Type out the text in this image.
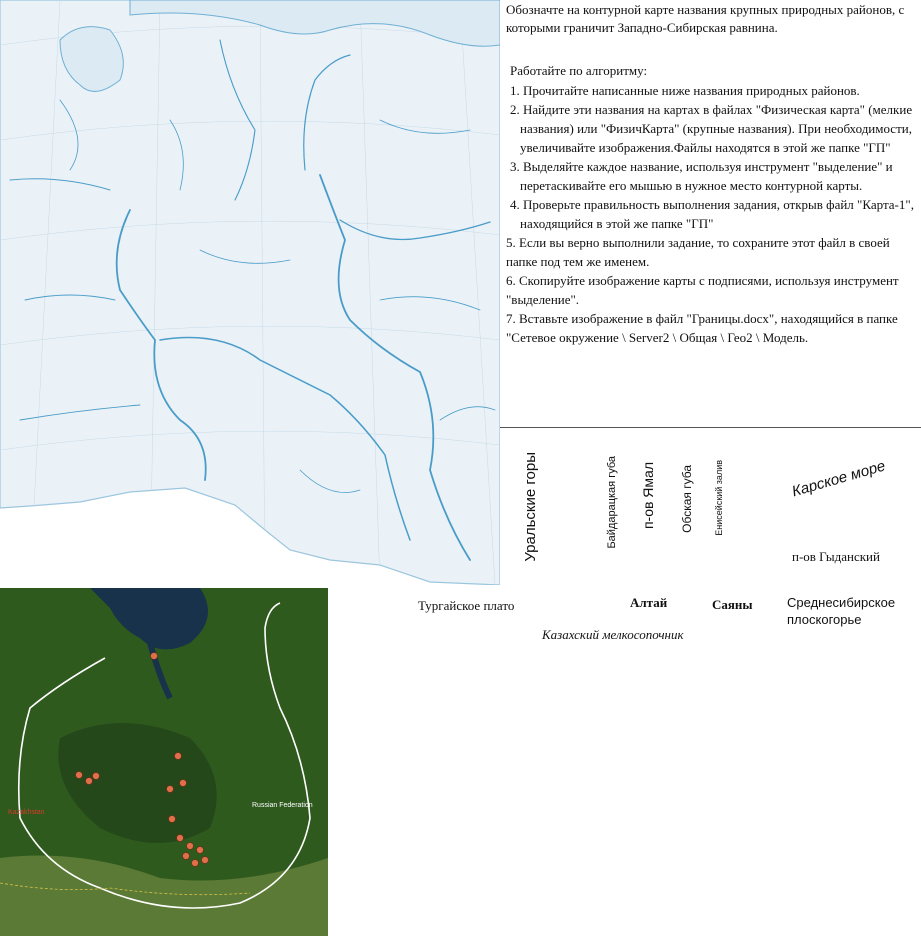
Kazakhstan
Russian Federation

Обозначте на контурной карте названия крупных природных районов, с которыми граничит Западно-Сибирская равнина.

Работайте по алгоритму:

1. Прочитайте написанные ниже названия природных районов.
2. Найдите эти названия на картах в файлах "Физическая карта" (мелкие названия) или "ФизичКарта" (крупные названия). При необходимости, увеличивайте изображения.Файлы находятся в этой же папке "ГП"
3. Выделяйте каждое название, используя инструмент "выделение" и перетаскивайте его мышью в нужное место контурной карты.
4. Проверьте правильность выполнения задания, открыв файл "Карта-1", находящийся в этой же папке "ГП"
5. Если вы верно выполнили задание, то сохраните этот файл в своей папке под тем же именем.
6. Скопируйте изображение карты с подписями, используя инструмент "выделение".
7. Вставьте изображение в файл "Границы.docx", находящийся в папке "Сетевое окружение \ Server2 \ Общая \ Гео2 \ Модель.
Уральские горы	Байдарацкая губа п-ов Ямал Обская губа Енисейский залив	Карское море
п-ов Гыданский
Тургайское плато	Алтай	Саяны	Среднесибирское плоскогорье
Казахский мелкосопочник
